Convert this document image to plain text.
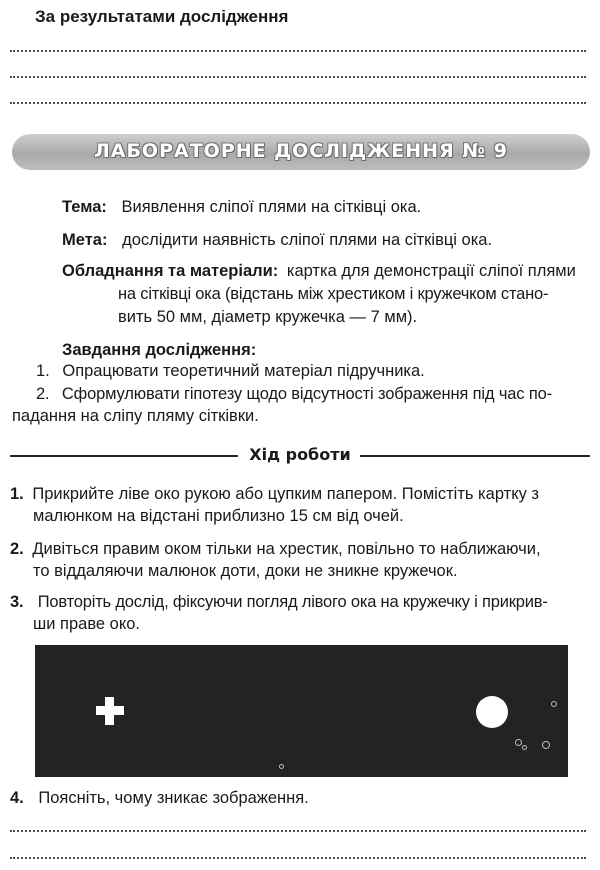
За результатами дослідження
ЛАБОРАТОРНЕ ДОСЛІДЖЕННЯ № 9
Тема: Виявлення сліпої плями на сітківці ока.
Мета: дослідити наявність сліпої плями на сітківці ока.
Обладнання та матеріали: картка для демонстрації сліпої плями
на сітківці ока (відстань між хрестиком і кружечком стано-
вить 50 мм, діаметр кружечка — 7 мм).
Завдання дослідження:
1. Опрацювати теоретичний матеріал підручника.
2. Сформулювати гіпотезу щодо відсутності зображення під час по-
падання на сліпу пляму сітківки.
Хід роботи
1. Прикрийте ліве око рукою або цупким папером. Помістіть картку з
малюнком на відстані приблизно 15 см від очей.
2. Дивіться правим оком тільки на хрестик, повільно то наближаючи,
то віддаляючи малюнок доти, доки не зникне кружечок.
3. Повторіть дослід, фіксуючи погляд лівого ока на кружечку і прикрив-
ши праве око.
4. Поясніть, чому зникає зображення.
